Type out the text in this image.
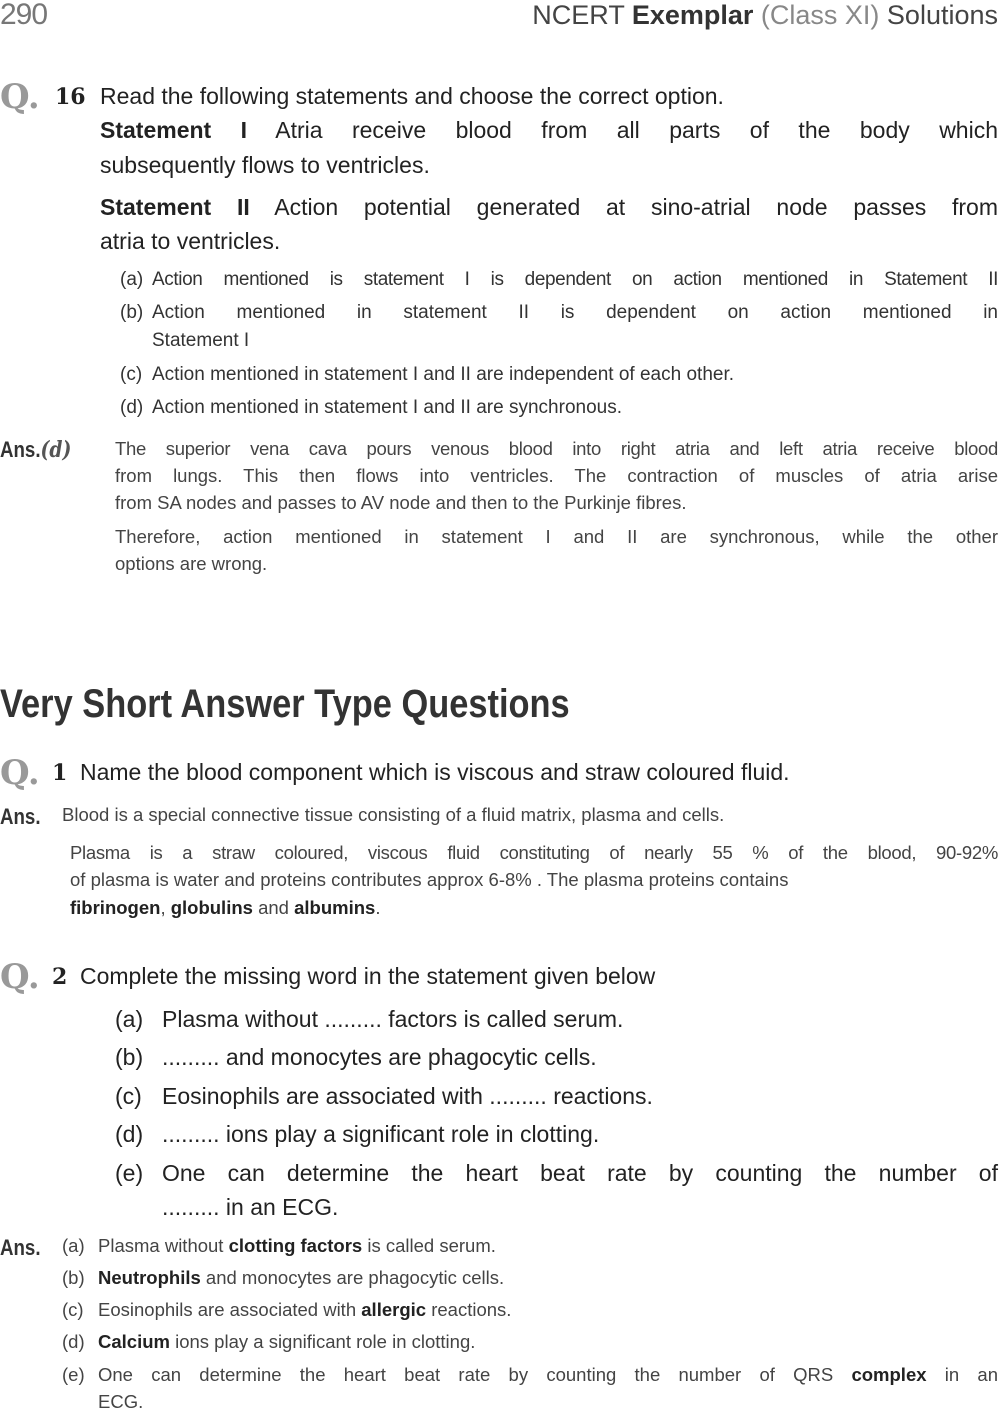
290	NCERT Exemplar (Class XI) Solutions
Q. 16 Read the following statements and choose the correct option.
Statement I Atria receive blood from all parts of the body which
subsequently flows to ventricles.
Statement II Action potential generated at sino-atrial node passes from
atria to ventricles.
(a) Action mentioned is statement I is dependent on action mentioned in Statement II
(b) Action mentioned in statement II is dependent on action mentioned in
Statement I
(c) Action mentioned in statement I and II are independent of each other.
(d) Action mentioned in statement I and II are synchronous.
Ans.(d) The superior vena cava pours venous blood into right atria and left atria receive blood
from lungs. This then flows into ventricles. The contraction of muscles of atria arise
from SA nodes and passes to AV node and then to the Purkinje fibres.
Therefore, action mentioned in statement I and II are synchronous, while the other
options are wrong.
Very Short Answer Type Questions
Q. 1 Name the blood component which is viscous and straw coloured fluid.
Ans. Blood is a special connective tissue consisting of a fluid matrix, plasma and cells.
Plasma is a straw coloured, viscous fluid constituting of nearly 55 % of the blood, 90-92%
of plasma is water and proteins contributes approx 6-8% . The plasma proteins contains
fibrinogen, globulins and albumins.
Q. 2 Complete the missing word in the statement given below
(a) Plasma without ......... factors is called serum.
(b) ......... and monocytes are phagocytic cells.
(c) Eosinophils are associated with ......... reactions.
(d) ......... ions play a significant role in clotting.
(e) One can determine the heart beat rate by counting the number of
......... in an ECG.
Ans. (a) Plasma without clotting factors is called serum.
(b) Neutrophils and monocytes are phagocytic cells.
(c) Eosinophils are associated with allergic reactions.
(d) Calcium ions play a significant role in clotting.
(e) One can determine the heart beat rate by counting the number of QRS complex in an
ECG.
